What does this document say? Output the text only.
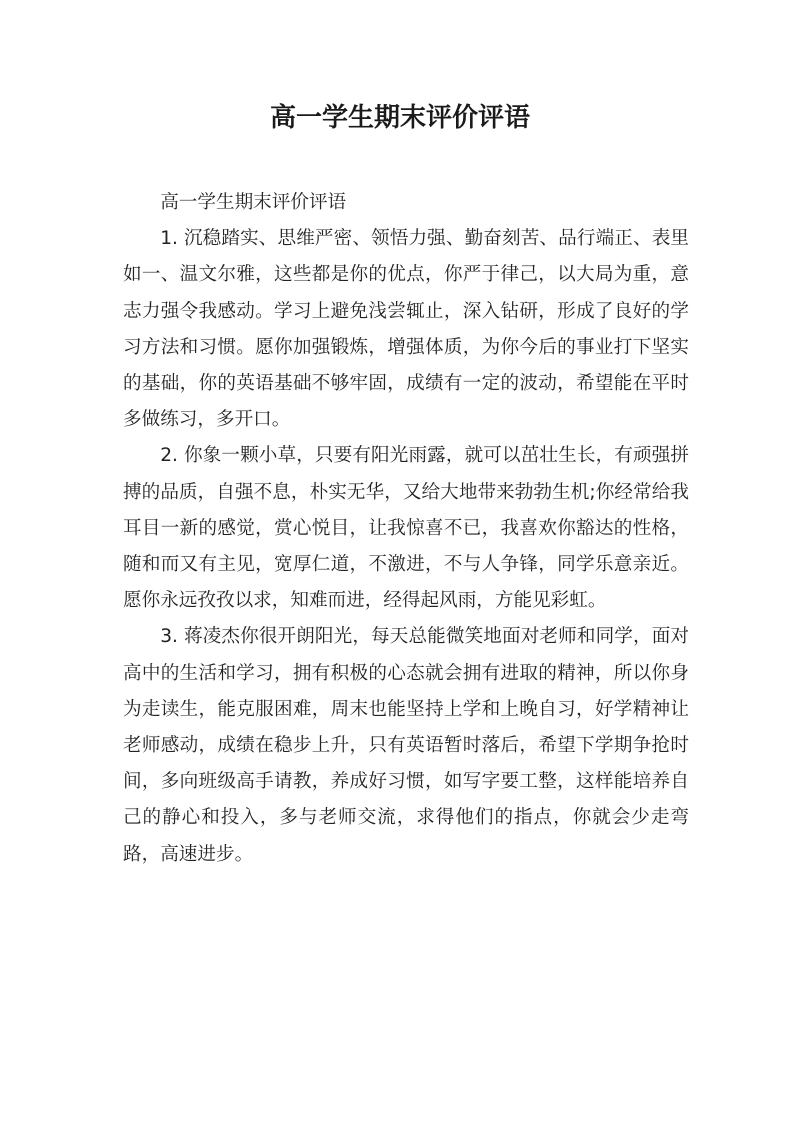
高一学生期末评价评语

高一学生期末评价评语

1. 沉稳踏实、思维严密、领悟力强、勤奋刻苦、品行端正、表里如一、温文尔雅，这些都是你的优点，你严于律己，以大局为重，意志力强令我感动。学习上避免浅尝辄止，深入钻研，形成了良好的学习方法和习惯。愿你加强锻炼，增强体质，为你今后的事业打下坚实的基础，你的英语基础不够牢固，成绩有一定的波动，希望能在平时多做练习，多开口。

2. 你象一颗小草，只要有阳光雨露，就可以茁壮生长，有顽强拼搏的品质，自强不息，朴实无华，又给大地带来勃勃生机;你经常给我耳目一新的感觉，赏心悦目，让我惊喜不已，我喜欢你豁达的性格，随和而又有主见，宽厚仁道，不激进，不与人争锋，同学乐意亲近。愿你永远孜孜以求，知难而进，经得起风雨，方能见彩虹。

3. 蒋凌杰你很开朗阳光，每天总能微笑地面对老师和同学，面对高中的生活和学习，拥有积极的心态就会拥有进取的精神，所以你身为走读生，能克服困难，周末也能坚持上学和上晚自习，好学精神让老师感动，成绩在稳步上升，只有英语暂时落后，希望下学期争抢时间，多向班级高手请教，养成好习惯，如写字要工整，这样能培养自己的静心和投入，多与老师交流，求得他们的指点，你就会少走弯路，高速进步。
